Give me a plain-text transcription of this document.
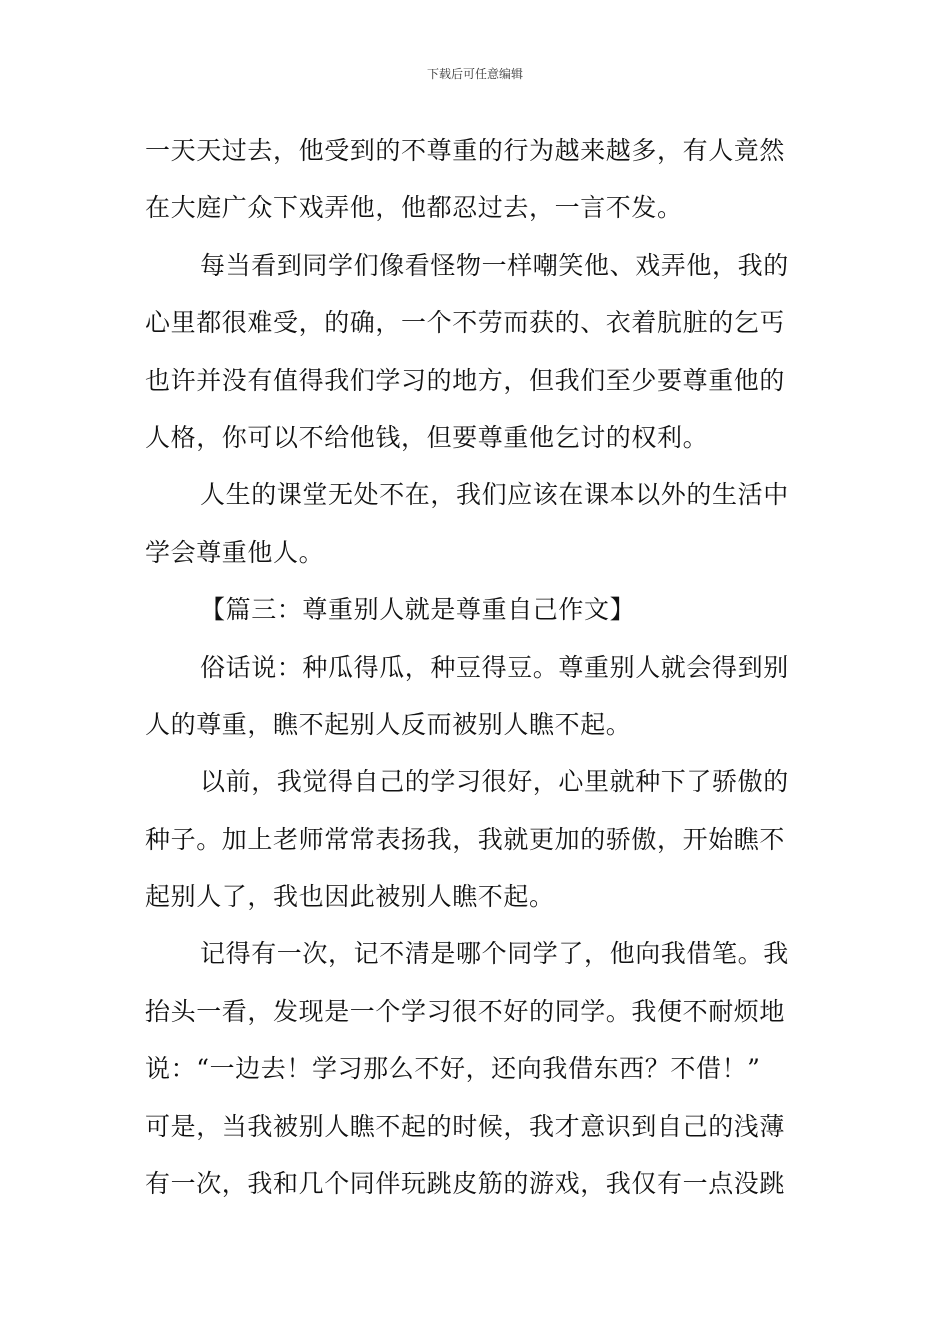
下载后可任意编辑
一天天过去，他受到的不尊重的行为越来越多，有人竟然
在大庭广众下戏弄他，他都忍过去，一言不发。
每当看到同学们像看怪物一样嘲笑他、戏弄他，我的
心里都很难受，的确，一个不劳而获的、衣着肮脏的乞丐
也许并没有值得我们学习的地方，但我们至少要尊重他的
人格，你可以不给他钱，但要尊重他乞讨的权利。
人生的课堂无处不在，我们应该在课本以外的生活中
学会尊重他人。
【篇三：尊重别人就是尊重自己作文】
俗话说：种瓜得瓜，种豆得豆。尊重别人就会得到别
人的尊重，瞧不起别人反而被别人瞧不起。
以前，我觉得自己的学习很好，心里就种下了骄傲的
种子。加上老师常常表扬我，我就更加的骄傲，开始瞧不
起别人了，我也因此被别人瞧不起。
记得有一次，记不清是哪个同学了，他向我借笔。我
抬头一看，发现是一个学习很不好的同学。我便不耐烦地
说：“一边去！学习那么不好，还向我借东西？不借！”
可是，当我被别人瞧不起的时候，我才意识到自己的浅薄
有一次，我和几个同伴玩跳皮筋的游戏，我仅有一点没跳
